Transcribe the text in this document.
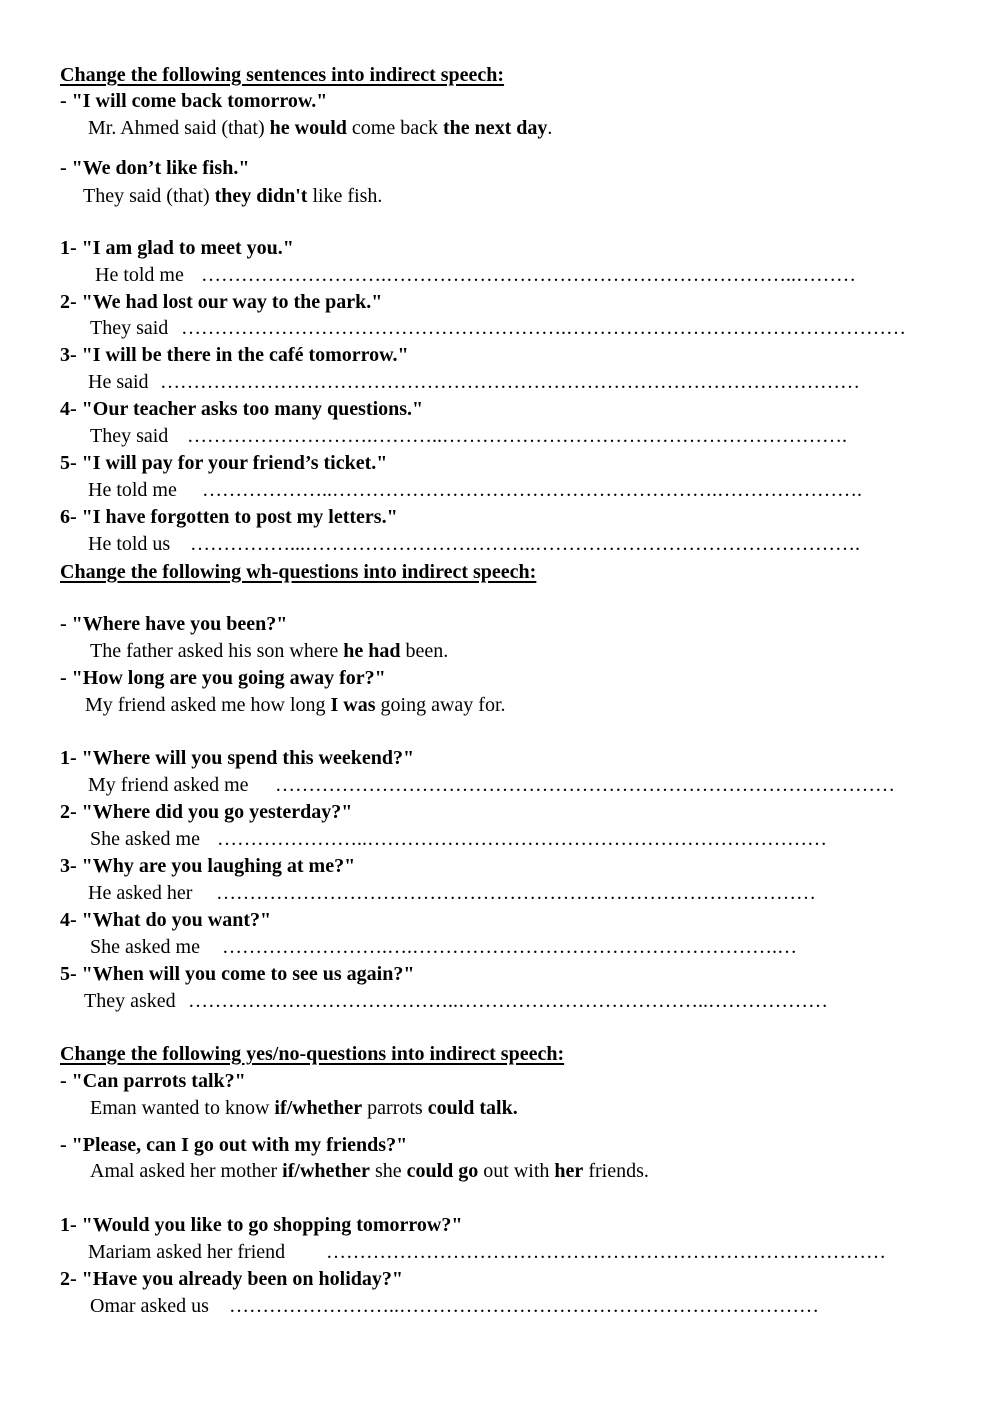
Change the following sentences into indirect speech:
- "I will come back tomorrow."
Mr. Ahmed said (that) he would come back the next day.
- "We don’t like fish."
They said (that) they didn't like fish.
1- "I am glad to meet you."
He told me ……………………….……………………………………………………..………
2- "We had lost our way to the park."
They said ………………………………………………….……………………………………………
3- "I will be there in the café tomorrow."
He said ……………………………………………………………………………………………
4- "Our teacher asks too many questions."
They said ……………………….………..…………………………………………………….
5- "I will pay for your friend’s ticket."
He told me ………………..………………………………………………….………………….
6- "I have forgotten to post my letters."
He told us ……………...……………………………..………………………………………….
Change the following wh-questions into indirect speech:
- "Where have you been?"
The father asked his son where he had been.
- "How long are you going away for?"
My friend asked me how long I was going away for.
1- "Where will you spend this weekend?"
My friend asked me …………………………………………………………………………………
2- "Where did you go yesterday?"
She asked me …………………..……………………………………………………………
3- "Why are you laughing at me?"
He asked her ………………………………………………………………………………
4- "What do you want?"
She asked me …………………….….……………………………………………….…
5- "When will you come to see us again?"
They asked …………………………………..………………………………..………………
Change the following yes/no-questions into indirect speech:
- "Can parrots talk?"
Eman wanted to know if/whether parrots could talk.
- "Please, can I go out with my friends?"
Amal asked her mother if/whether she could go out with her friends.
1- "Would you like to go shopping tomorrow?"
Mariam asked her friend …………………………………………………………………………
2- "Have you already been on holiday?"
Omar asked us ……………………..………………………………………………………
